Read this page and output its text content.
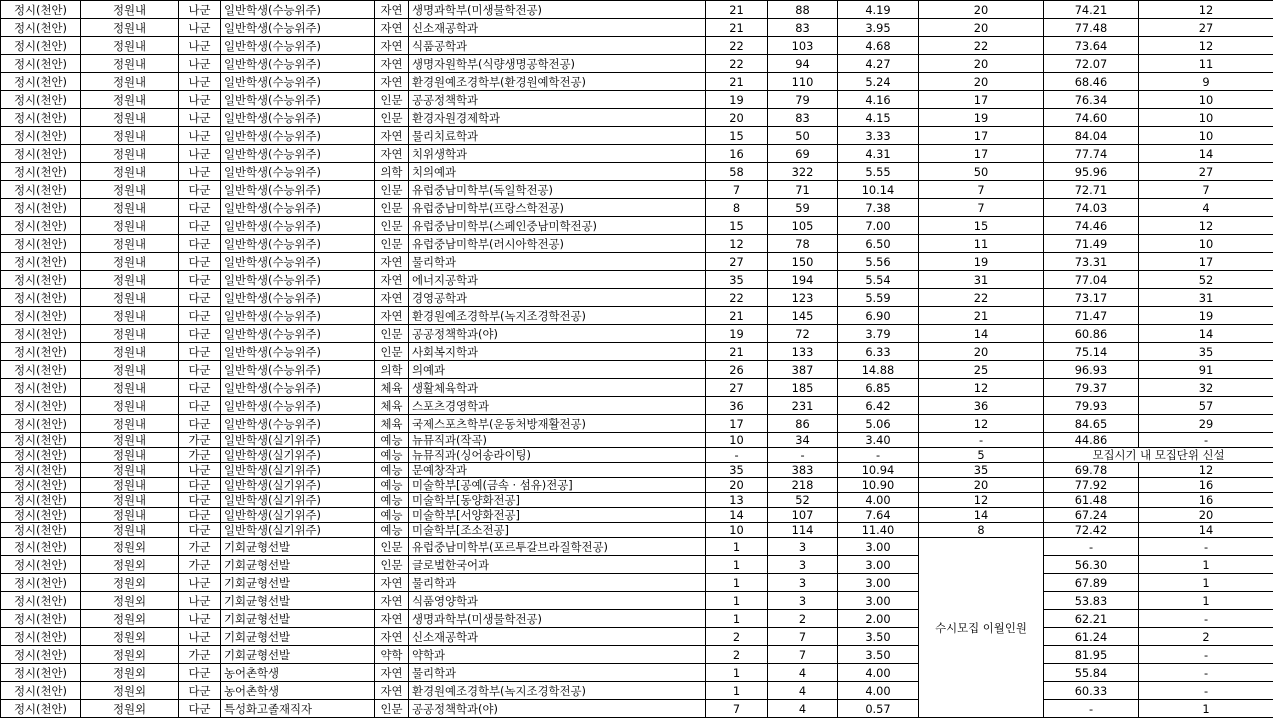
정시(천안)	정원내	나군	일반학생(수능위주)	자연	생명과학부(미생물학전공)	21	88	4.19	20	74.21	12
정시(천안)	정원내	나군	일반학생(수능위주)	자연	신소재공학과	21	83	3.95	20	77.48	27
정시(천안)	정원내	나군	일반학생(수능위주)	자연	식품공학과	22	103	4.68	22	73.64	12
정시(천안)	정원내	나군	일반학생(수능위주)	자연	생명자원학부(식량생명공학전공)	22	94	4.27	20	72.07	11
정시(천안)	정원내	나군	일반학생(수능위주)	자연	환경원예조경학부(환경원예학전공)	21	110	5.24	20	68.46	9
정시(천안)	정원내	나군	일반학생(수능위주)	인문	공공정책학과	19	79	4.16	17	76.34	10
정시(천안)	정원내	나군	일반학생(수능위주)	인문	환경자원경제학과	20	83	4.15	19	74.60	10
정시(천안)	정원내	나군	일반학생(수능위주)	자연	물리치료학과	15	50	3.33	17	84.04	10
정시(천안)	정원내	나군	일반학생(수능위주)	자연	치위생학과	16	69	4.31	17	77.74	14
정시(천안)	정원내	나군	일반학생(수능위주)	의학	치의예과	58	322	5.55	50	95.96	27
정시(천안)	정원내	다군	일반학생(수능위주)	인문	유럽중남미학부(독일학전공)	7	71	10.14	7	72.71	7
정시(천안)	정원내	다군	일반학생(수능위주)	인문	유럽중남미학부(프랑스학전공)	8	59	7.38	7	74.03	4
정시(천안)	정원내	다군	일반학생(수능위주)	인문	유럽중남미학부(스페인중남미학전공)	15	105	7.00	15	74.46	12
정시(천안)	정원내	다군	일반학생(수능위주)	인문	유럽중남미학부(러시아학전공)	12	78	6.50	11	71.49	10
정시(천안)	정원내	다군	일반학생(수능위주)	자연	물리학과	27	150	5.56	19	73.31	17
정시(천안)	정원내	다군	일반학생(수능위주)	자연	에너지공학과	35	194	5.54	31	77.04	52
정시(천안)	정원내	다군	일반학생(수능위주)	자연	경영공학과	22	123	5.59	22	73.17	31
정시(천안)	정원내	다군	일반학생(수능위주)	자연	환경원예조경학부(녹지조경학전공)	21	145	6.90	21	71.47	19
정시(천안)	정원내	다군	일반학생(수능위주)	인문	공공정책학과(야)	19	72	3.79	14	60.86	14
정시(천안)	정원내	다군	일반학생(수능위주)	인문	사회복지학과	21	133	6.33	20	75.14	35
정시(천안)	정원내	다군	일반학생(수능위주)	의학	의예과	26	387	14.88	25	96.93	91
정시(천안)	정원내	다군	일반학생(수능위주)	체육	생활체육학과	27	185	6.85	12	79.37	32
정시(천안)	정원내	다군	일반학생(수능위주)	체육	스포츠경영학과	36	231	6.42	36	79.93	57
정시(천안)	정원내	다군	일반학생(수능위주)	체육	국제스포츠학부(운동처방재활전공)	17	86	5.06	12	84.65	29
정시(천안)	정원내	가군	일반학생(실기위주)	예능	뉴뮤직과(작곡)	10	34	3.40	-	44.86	-
정시(천안)	정원내	가군	일반학생(실기위주)	예능	뉴뮤직과(싱어송라이팅)	-	-	-	5	모집시기 내 모집단위 신설	
정시(천안)	정원내	나군	일반학생(실기위주)	예능	문예창작과	35	383	10.94	35	69.78	12
정시(천안)	정원내	다군	일반학생(실기위주)	예능	미술학부[공예(금속 · 섬유)전공]	20	218	10.90	20	77.92	16
정시(천안)	정원내	다군	일반학생(실기위주)	예능	미술학부[동양화전공]	13	52	4.00	12	61.48	16
정시(천안)	정원내	다군	일반학생(실기위주)	예능	미술학부[서양화전공]	14	107	7.64	14	67.24	20
정시(천안)	정원내	다군	일반학생(실기위주)	예능	미술학부[조소전공]	10	114	11.40	8	72.42	14
정시(천안)	정원외	가군	기회균형선발	인문	유럽중남미학부(포르투갈브라질학전공)	1	3	3.00	수시모집 이월인원	-	-
정시(천안)	정원외	가군	기회균형선발	인문	글로벌한국어과	1	3	3.00		56.30	1
정시(천안)	정원외	나군	기회균형선발	자연	물리학과	1	3	3.00		67.89	1
정시(천안)	정원외	나군	기회균형선발	자연	식품영양학과	1	3	3.00		53.83	1
정시(천안)	정원외	나군	기회균형선발	자연	생명과학부(미생물학전공)	1	2	2.00		62.21	-
정시(천안)	정원외	나군	기회균형선발	자연	신소재공학과	2	7	3.50		61.24	2
정시(천안)	정원외	가군	기회균형선발	약학	약학과	2	7	3.50		81.95	-
정시(천안)	정원외	다군	농어촌학생	자연	물리학과	1	4	4.00		55.84	-
정시(천안)	정원외	다군	농어촌학생	자연	환경원예조경학부(녹지조경학전공)	1	4	4.00		60.33	-
정시(천안)	정원외	다군	특성화고졸재직자	인문	공공정책학과(야)	7	4	0.57		-	1
